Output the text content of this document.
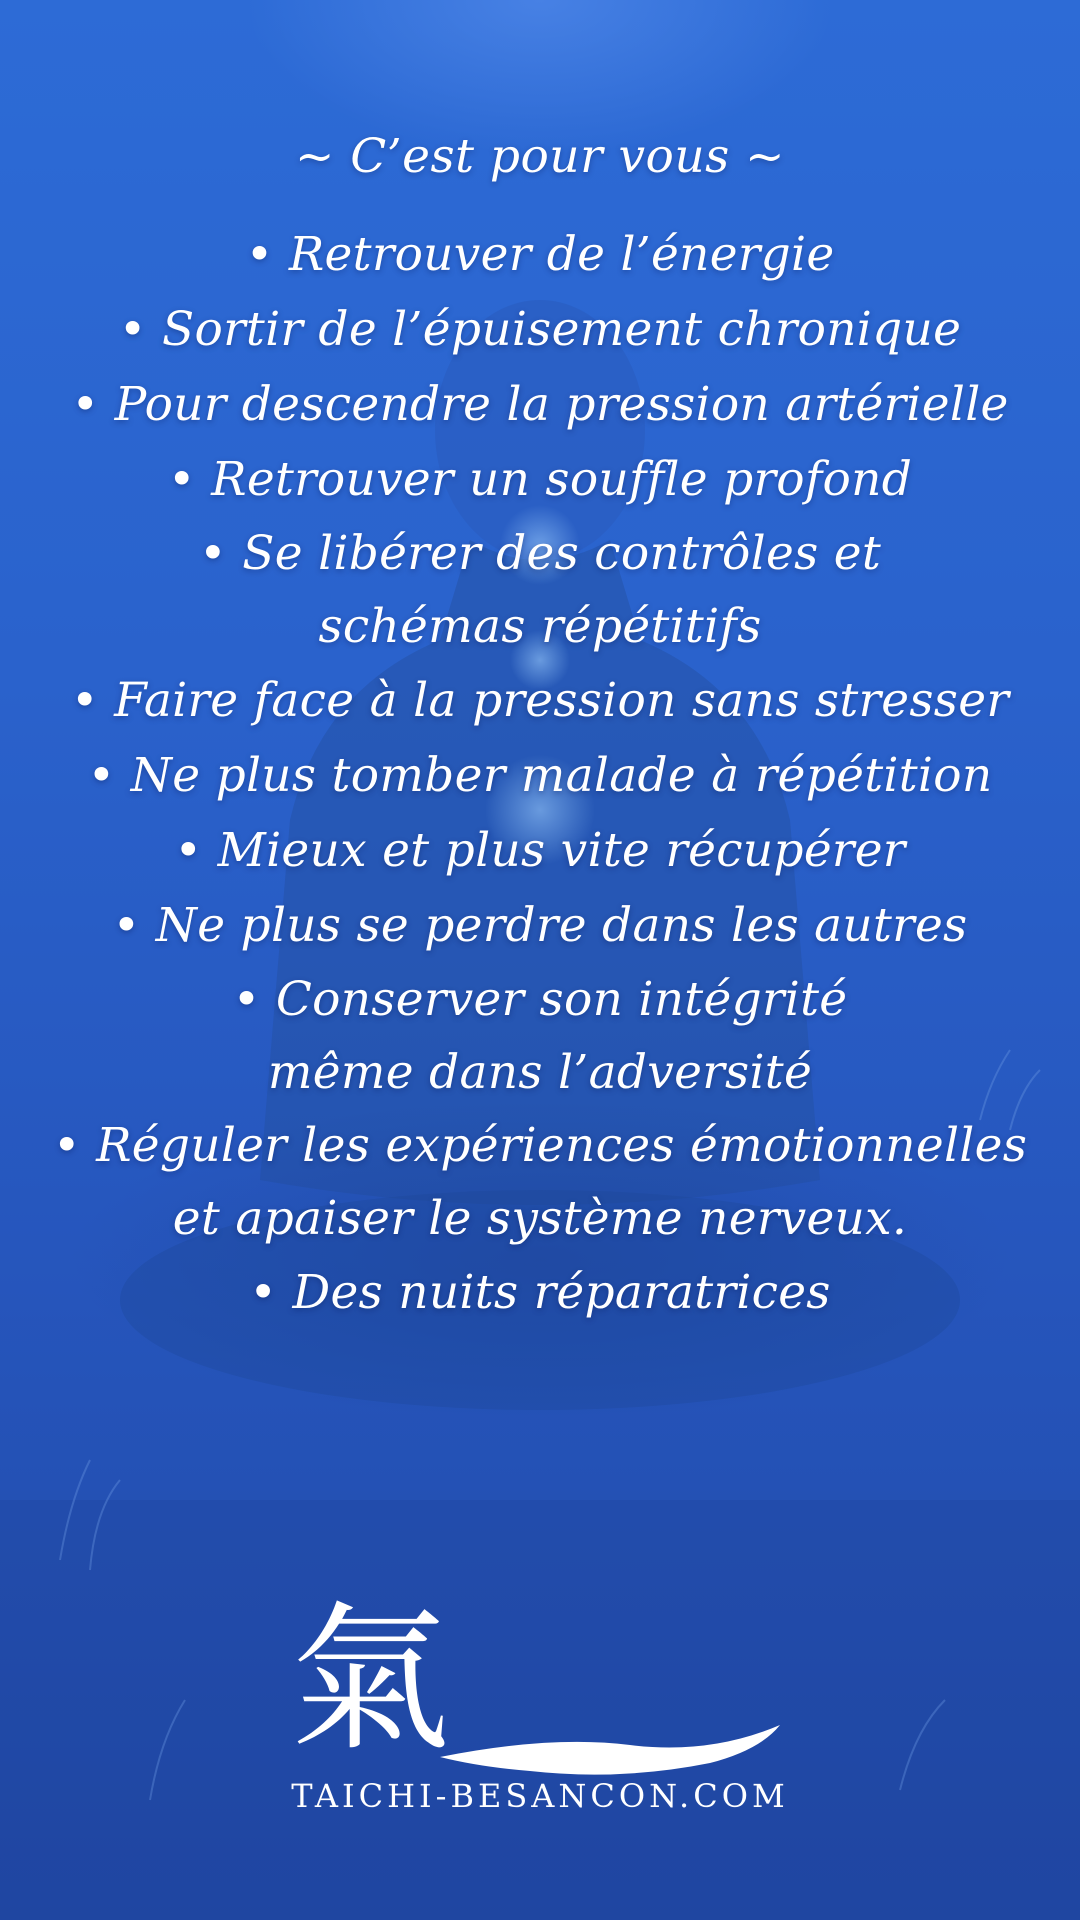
~ C’est pour vous ~
• Retrouver de l’énergie
• Sortir de l’épuisement chronique
• Pour descendre la pression artérielle
• Retrouver un souffle profond
• Se libérer des contrôles et schémas répétitifs
• Faire face à la pression sans stresser
• Ne plus tomber malade à répétition
• Mieux et plus vite récupérer
• Ne plus se perdre dans les autres
• Conserver son intégrité même dans l’adversité
• Réguler les expériences émotionnelles et apaiser le système nerveux.
• Des nuits réparatrices
氣
TAICHI-BESANCON.COM
